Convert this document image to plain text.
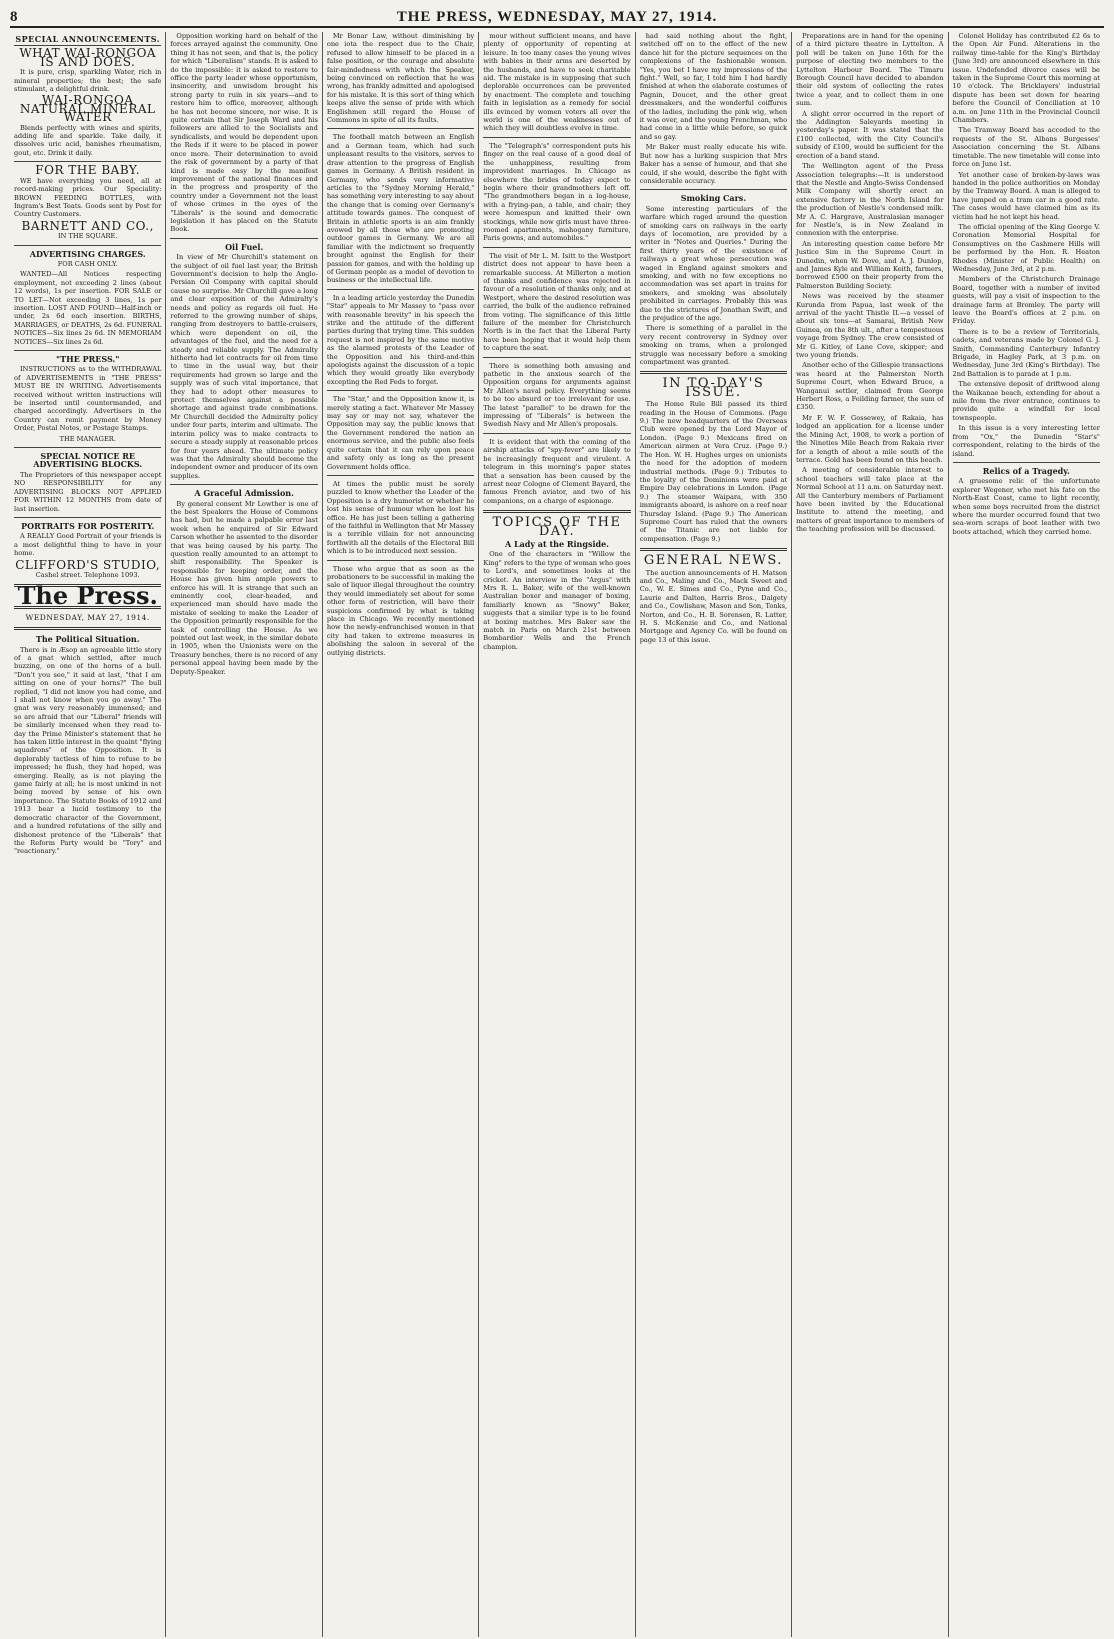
8	THE PRESS, WEDNESDAY, MAY 27, 1914.
SPECIAL ANNOUNCEMENTS.
WHAT WAI-RONGOA IS AND DOES.

It is pure, crisp, sparkling Water, rich in mineral properties; the best; the safe stimulant, a delightful drink.

WAI-RONGOA NATURAL MINERAL WATER

Blends perfectly with wines and spirits, adding life and sparkle. Take daily, it dissolves uric acid, banishes rheumatism, gout, etc. Drink it daily.

FOR THE BABY.

WE have everything you need, all at record-making prices. Our Speciality: BROWN FEEDING BOTTLES, with Ingram's Best Teats. Goods sent by Post for Country Customers.

BARNETT AND CO.,

IN THE SQUARE.

ADVERTISING CHARGES.

FOR CASH ONLY.

WANTED—All Notices respecting employment, not exceeding 2 lines (about 12 words), 1s per insertion. FOR SALE or TO LET—Not exceeding 3 lines, 1s per insertion. LOST AND FOUND—Half-inch or under, 2s 6d each insertion. BIRTHS, MARRIAGES, or DEATHS, 2s 6d. FUNERAL NOTICES—Six lines 2s 6d. IN MEMORIAM NOTICES—Six lines 2s 6d.

"THE PRESS."

INSTRUCTIONS as to the WITHDRAWAL of ADVERTISEMENTS in "THE PRESS" MUST BE IN WRITING. Advertisements received without written instructions will be inserted until countermanded, and charged accordingly. Advertisers in the Country can remit payment by Money Order, Postal Notes, or Postage Stamps.

THE MANAGER.

SPECIAL NOTICE RE ADVERTISING BLOCKS.

The Proprietors of this newspaper accept NO RESPONSIBILITY for any ADVERTISING BLOCKS NOT APPLIED FOR WITHIN 12 MONTHS from date of last insertion.

PORTRAITS FOR POSTERITY.

A REALLY Good Portrait of your friends is a most delightful thing to have in your home.

CLIFFORD'S STUDIO,

Cashel street. Telephone 1093.

The Press.
WEDNESDAY, MAY 27, 1914.
The Political Situation.

There is in Æsop an agreeable little story of a gnat which settled, after much buzzing, on one of the horns of a bull. "Don't you see," it said at last, "that I am sitting on one of your horns?" The bull replied, "I did not know you had come, and I shall not know when you go away." The gnat was very reasonably immensed; and so are afraid that our "Liberal" friends will be similarly incensed when they read to-day the Prime Minister's statement that he has taken little interest in the quaint "flying squadrons" of the Opposition. It is deplorably tactless of him to refuse to be impressed; he flush, they had hoped, was emerging. Really, as is not playing the game fairly at all; he is most unkind in not being moved by sense of his own importance. The Statute Books of 1912 and 1913 bear a lucid testimony to the democratic character of the Government, and a hundred refutations of the silly and dishonest pretence of the "Liberals" that the Reform Party would be "Tory" and "reactionary."

Opposition working hard on behalf of the forces arrayed against the community. One thing it has not seen, and that is, the policy for which "Liberalism" stands. It is asked to do the impossible: it is asked to restore to office the party leader whose opportunism, insincerity, and unwisdom brought his strong party to ruin in six years—and to restore him to office, moreover, although he has not become sincere, nor wise. It is quite certain that Sir Joseph Ward and his followers are allied to the Socialists and syndicalists, and would be dependent upon the Reds if it were to be placed in power once more. Their determination to avoid the risk of government by a party of that kind is made easy by the manifest improvement of the national finances and in the progress and prosperity of the country under a Government not the least of whose crimes in the eyes of the "Liberals" is the sound and democratic legislation it has placed on the Statute Book.

Oil Fuel.

In view of Mr Churchill's statement on the subject of oil fuel last year, the British Government's decision to help the Anglo-Persian Oil Company with capital should cause no surprise. Mr Churchill gave a long and clear exposition of the Admiralty's needs and policy as regards oil fuel. He referred to the growing number of ships, ranging from destroyers to battle-cruisers, which were dependent on oil, the advantages of the fuel, and the need for a steady and reliable supply. The Admiralty hitherto had let contracts for oil from time to time in the usual way, but their requirements had grown so large and the supply was of such vital importance, that they had to adopt other measures to protect themselves against a possible shortage and against trade combinations. Mr Churchill decided the Admiralty policy under four parts, interim and ultimate. The interim policy was to make contracts to secure a steady supply at reasonable prices for four years ahead. The ultimate policy was that the Admiralty should become the independent owner and producer of its own supplies.

A Graceful Admission.

By general consent Mr Lowther is one of the best Speakers the House of Commons has had, but he made a palpable error last week when he enquired of Sir Edward Carson whether he assented to the disorder that was being caused by his party. The question really amounted to an attempt to shift responsibility. The Speaker is responsible for keeping order, and the House has given him ample powers to enforce his will. It is strange that such an eminently cool, clear-headed, and experienced man should have made the mistake of seeking to make the Leader of the Opposition primarily responsible for the task of controlling the House. As we pointed out last week, in the similar debate in 1905, when the Unionists were on the Treasury benches, there is no record of any personal appeal having been made by the Deputy-Speaker.

Mr Bonar Law, without diminishing by one iota the respect due to the Chair, refused to allow himself to be placed in a false position, or the courage and absolute fair-mindedness with which the Speaker, being convinced on reflection that he was wrong, has frankly admitted and apologised for his mistake. It is this sort of thing which keeps alive the sense of pride with which Englishmen still regard the House of Commons in spite of all its faults.

The football match between an English and a German team, which had such unpleasant results to the visitors, serves to draw attention to the progress of English games in Germany. A British resident in Germany, who sends very informative articles to the "Sydney Morning Herald," has something very interesting to say about the change that is coming over Germany's attitude towards games. The conquest of Britain in athletic sports is an aim frankly avowed by all those who are promoting outdoor games in Germany. We are all familiar with the indictment so frequently brought against the English for their passion for games, and with the holding up of German people as a model of devotion to business or the intellectual life.

In a leading article yesterday the Dunedin "Star" appeals to Mr Massey to "pass over with reasonable brevity" in his speech the strike and the attitude of the different parties during that trying time. This sudden request is not inspired by the same motive as the alarmed protests of the Leader of the Opposition and his third-and-thin apologists against the discussion of a topic which they would greatly like everybody excepting the Red Feds to forget.

The "Star," and the Opposition know it, is merely stating a fact. Whatever Mr Massey may say or may not say, whatever the Opposition may say, the public knows that the Government rendered the nation an enormous service, and the public also feels quite certain that it can rely upon peace and safety only as long as the present Government holds office.

At times the public must be sorely puzzled to know whether the Leader of the Opposition is a dry humorist or whether he lost his sense of humour when he lost his office. He has just been telling a gathering of the faithful in Wellington that Mr Massey is a terrible villain for not announcing forthwith all the details of the Electoral Bill which is to be introduced next session.

Those who argue that as soon as the probationers to be successful in making the sale of liquor illegal throughout the country they would immediately set about for some other form of restriction, will have their suspicions confirmed by what is taking place in Chicago. We recently mentioned how the newly-enfranchised women in that city had taken to extreme measures in abolishing the saloon in several of the outlying districts.

mour without sufficient means, and have plenty of opportunity of repenting at leisure. In too many cases the young wives with babies in their arms are deserted by the husbands, and have to seek charitable aid. The mistake is in supposing that such deplorable occurrences can be prevented by enactment. The complete and touching faith in legislation as a remedy for social ills evinced by women voters all over the world is one of the weaknesses out of which they will doubtless evolve in time.

The "Telegraph's" correspondent puts his finger on the real cause of a good deal of the unhappiness, resulting from improvident marriages. In Chicago as elsewhere the brides of today expect to begin where their grandmothers left off. "The grandmothers began in a log-house, with a frying-pan, a table, and chair; they were homespun and knitted their own stockings, while now girls must have three-roomed apartments, mahogany furniture, Paris gowns, and automobiles."

The visit of Mr L. M. Isitt to the Westport district does not appear to have been a remarkable success. At Millerton a motion of thanks and confidence was rejected in favour of a resolution of thanks only, and at Westport, where the desired resolution was carried, the bulk of the audience refrained from voting. The significance of this little failure of the member for Christchurch North is in the fact that the Liberal Party have been hoping that it would help them to capture the seat.

There is something both amusing and pathetic in the anxious search of the Opposition organs for arguments against Mr Allen's naval policy. Everything seems to be too absurd or too irrelevant for use. The latest "parallel" to be drawn for the impressing of "Liberals" is between the Swedish Navy and Mr Allen's proposals.

It is evident that with the coming of the airship attacks of "spy-fever" are likely to be increasingly frequent and virulent. A telegram in this morning's paper states that a sensation has been caused by the arrest near Cologne of Clement Bayard, the famous French aviator, and two of his companions, on a charge of espionage.

TOPICS OF THE DAY.
A Lady at the Ringside.

One of the characters in "Willow the King" refers to the type of woman who goes to Lord's, and sometimes looks at the cricket. An interview in the "Argus" with Mrs R. L. Baker, wife of the well-known Australian boxer and manager of boxing, familiarly known as "Snowy" Baker, suggests that a similar type is to be found at boxing matches. Mrs Baker saw the match in Paris on March 21st between Bombardier Wells and the French champion.

had said nothing about the fight, switched off on to the effect of the new dance hit for the picture sequences on the complexions of the fashionable women. "Yes, you bet I have my impressions of the fight." Well, so far, I told him I had hardly finished at when the elaborate costumes of Pagnin, Doucet, and the other great dressmakers, and the wonderful coiffures of the ladies, including the pink wig, when it was over, and the young Frenchman, who had come in a little while before, so quick and so gay.

Mr Baker must really educate his wife. But now has a lurking suspicion that Mrs Baker has a sense of humour, and that she could, if she would, describe the fight with considerable accuracy.

Smoking Cars.

Some interesting particulars of the warfare which raged around the question of smoking cars on railways in the early days of locomotion, are provided by a writer in "Notes and Queries." During the first thirty years of the existence of railways a great whose persecution was waged in England against smokers and smoking, and with no few exceptions no accommodation was set apart in trains for smokers, and smoking was absolutely prohibited in carriages. Probably this was due to the strictures of Jonathan Swift, and the prejudice of the age.

There is something of a parallel in the very recent controversy in Sydney over smoking on trams, when a prolonged struggle was necessary before a smoking compartment was granted.

IN TO-DAY'S ISSUE.

The Home Rule Bill passed its third reading in the House of Commons. (Page 9.) The new headquarters of the Overseas Club were opened by the Lord Mayor of London. (Page 9.) Mexicans fired on American airmen at Vera Cruz. (Page 9.) The Hon. W. H. Hughes urges on unionists the need for the adoption of modern industrial methods. (Page 9.) Tributes to the loyalty of the Dominions were paid at Empire Day celebrations in London. (Page 9.) The steamer Waipara, with 350 immigrants aboard, is ashore on a reef near Thursday Island. (Page 9.) The American Supreme Court has ruled that the owners of the Titanic are not liable for compensation. (Page 9.)

GENERAL NEWS.

The auction announcements of H. Matson and Co., Maling and Co., Mack Sweet and Co., W. E. Simes and Co., Pyne and Co., Laurie and Dalton, Harris Bros., Dalgety and Co., Cowlishaw, Mason and Son, Tonks, Norton, and Co., H. B. Sorensen, R. Latter, H. S. McKenzie and Co., and National Mortgage and Agency Co. will be found on page 13 of this issue.

Preparations are in hand for the opening of a third picture theatre in Lyttelton. A poll will be taken on June 16th for the purpose of electing two members to the Lyttelton Harbour Board. The Timaru Borough Council have decided to abandon their old system of collecting the rates twice a year, and to collect them in one sum.

A slight error occurred in the report of the Addington Saleyards meeting in yesterday's paper. It was stated that the £100 collected, with the City Council's subsidy of £100, would be sufficient for the erection of a band stand.

The Wellington agent of the Press Association telegraphs:—It is understood that the Nestle and Anglo-Swiss Condensed Milk Company will shortly erect an extensive factory in the North Island for the production of Nestle's condensed milk. Mr A. C. Hargrave, Australasian manager for Nestle's, is in New Zealand in connexion with the enterprise.

An interesting question came before Mr Justice Sim in the Supreme Court in Dunedin, when W. Dove, and A. J. Dunlop, and James Kyle and William Keith, farmers, borrowed £500 on their property from the Palmerston Building Society.

News was received by the steamer Kurunda from Papua, last week of the arrival of the yacht Thistle II.—a vessel of about six tons—at Samarai, British New Guinea, on the 8th ult., after a tempestuous voyage from Sydney. The crew consisted of Mr G. Kitley, of Lane Cove, skipper; and two young friends.

Another echo of the Gillespie transactions was heard at the Palmerston North Supreme Court, when Edward Bruce, a Wanganui settler, claimed from George Herbert Ross, a Feilding farmer, the sum of £350.

Mr F. W. F. Gossewey, of Rakaia, has lodged an application for a license under the Mining Act, 1908, to work a portion of the Nineties Mile Beach from Rakaia river for a length of about a mile south of the terrace. Gold has been found on this beach.

A meeting of considerable interest to school teachers will take place at the Normal School at 11 a.m. on Saturday next. All the Canterbury members of Parliament have been invited by the Educational Institute to attend the meeting, and matters of great importance to members of the teaching profession will be discussed.

Colonel Holiday has contributed £2 6s to the Open Air Fund. Alterations in the railway time-table for the King's Birthday (June 3rd) are announced elsewhere in this issue. Undefended divorce cases will be taken in the Supreme Court this morning at 10 o'clock. The Bricklayers' industrial dispute has been set down for hearing before the Council of Conciliation at 10 a.m. on June 11th in the Provincial Council Chambers.

The Tramway Board has acceded to the requests of the St. Albans Burgesses' Association concerning the St. Albans timetable. The new timetable will come into force on June 1st.

Yet another case of broken-by-laws was handed in the police authorities on Monday by the Tramway Board. A man is alleged to have jumped on a tram car in a good rate. The cases would have claimed him as its victim had he not kept his head.

The official opening of the King George V. Coronation Memorial Hospital for Consumptives on the Cashmere Hills will be performed by the Hon. R. Heaton Rhodes (Minister of Public Health) on Wednesday, June 3rd, at 2 p.m.

Members of the Christchurch Drainage Board, together with a number of invited guests, will pay a visit of inspection to the drainage farm at Bromley. The party will leave the Board's offices at 2 p.m. on Friday.

There is to be a review of Territorials, cadets, and veterans made by Colonel G. J. Smith, Commanding Canterbury Infantry Brigade, in Hagley Park, at 3 p.m. on Wednesday, June 3rd (King's Birthday). The 2nd Battalion is to parade at 1 p.m.

The extensive deposit of driftwood along the Waikanae beach, extending for about a mile from the river entrance, continues to provide quite a windfall for local townspeople.

In this issue is a very interesting letter from "Ox," the Dunedin "Star's" correspondent, relating to the birds of the island.

Relics of a Tragedy.

A gruesome relic of the unfortunate explorer Wegener, who met his fate on the North-East Coast, came to light recently, when some boys recruited from the district where the murder occurred found that two sea-worn scraps of boot leather with two boots attached, which they carried home.
